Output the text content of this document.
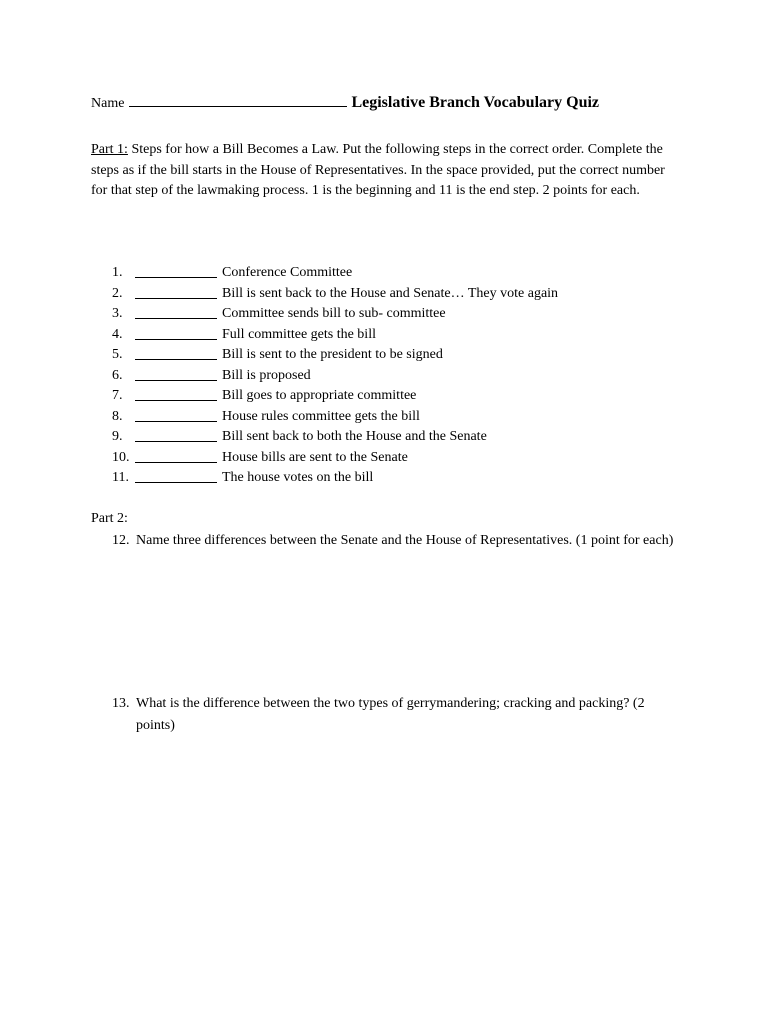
Name	Legislative Branch Vocabulary Quiz
Part 1: Steps for how a Bill Becomes a Law. Put the following steps in the correct order. Complete the steps as if the bill starts in the House of Representatives. In the space provided, put the correct number for that step of the lawmaking process. 1 is the beginning and 11 is the end step. 2 points for each.
1.	Conference Committee
2.	Bill is sent back to the House and Senate… They vote again
3.	Committee sends bill to sub- committee
4.	Full committee gets the bill
5.	Bill is sent to the president to be signed
6.	Bill is proposed
7.	Bill goes to appropriate committee
8.	House rules committee gets the bill
9.	Bill sent back to both the House and the Senate
10.	House bills are sent to the Senate
11.	The house votes on the bill
Part 2:
12. Name three differences between the Senate and the House of Representatives. (1 point for each)
13. What is the difference between the two types of gerrymandering; cracking and packing? (2 points)
